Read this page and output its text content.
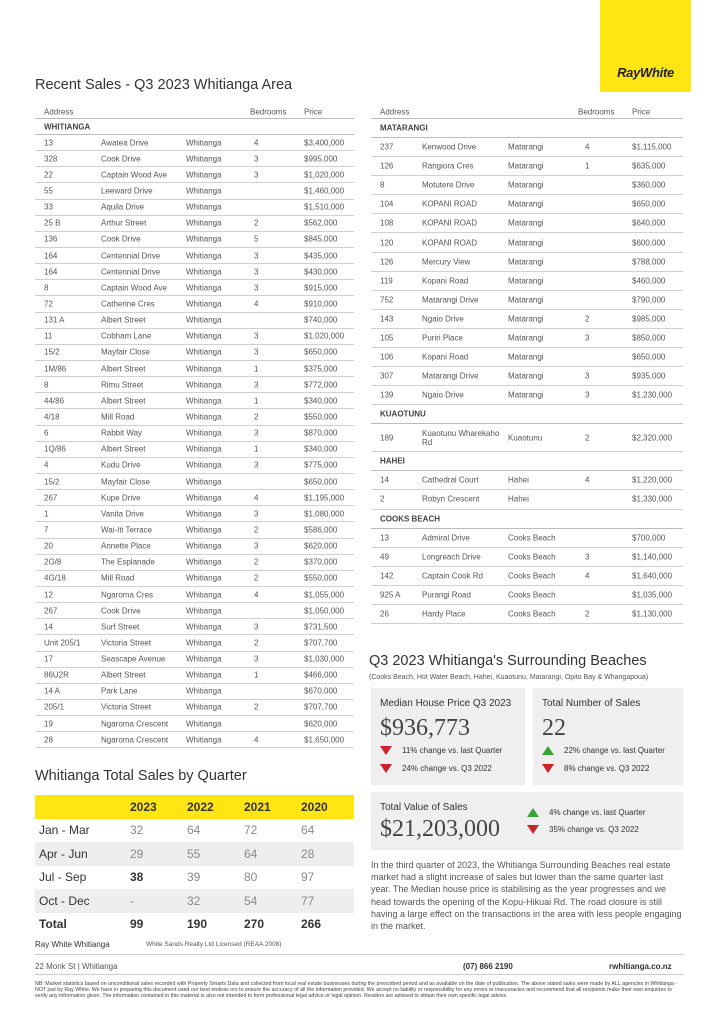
RayWhite
Recent Sales - Q3 2023 Whitianga Area
Address	Bedrooms Price
WHITIANGA
13	Awatea Drive	Whitianga	4	$3,400,000
328	Cook Drive	Whitianga	3	$995,000
22	Captain Wood Ave Whitianga	3	$1,020,000
55	Leeward Drive	Whitianga	$1,460,000
33	Aquila Drive	Whitianga	$1,510,000
25 B	Arthur Street	Whitianga	2	$562,000
136	Cook Drive	Whitianga	5	$845,000
164	Centennial Drive	Whitianga	3	$435,000
164	Centennial Drive	Whitianga	3	$430,000
8	Captain Wood Ave Whitianga	3	$915,000
72	Catherine Cres	Whitianga	4	$910,000
131 A	Albert Street	Whitianga	$740,000
11	Cobham Lane	Whitianga	3	$1,020,000
15/2	Mayfair Close	Whitianga	3	$650,000
1M/86	Albert Street	Whitianga	1	$375,000
8	Rimu Street	Whitianga	3	$772,000
44/86	Albert Street	Whitianga	1	$340,000
4/18	Mill Road	Whitianga	2	$550,000
6	Rabbit Way	Whitianga	3	$870,000
1Q/86	Albert Street	Whitianga	1	$340,000
4	Kudu Drive	Whitianga	3	$775,000
15/2	Mayfair Close	Whitianga	$650,000
267	Kupe Drive	Whitianga	4	$1,195,000
1	Vanita Drive	Whitianga	3	$1,080,000
7	Wai-Iti Terrace	Whitianga	2	$586,000
20	Annette Place	Whitianga	3	$620,000
2G/8	The Esplanade	Whitianga	2	$370,000
4G/18	Mill Road	Whitianga	2	$550,000
12	Ngaroma Cres	Whitianga	4	$1,055,000
267	Cook Drive	Whitianga	$1,050,000
14	Surf Street	Whitianga	3	$731,500
Unit 205/1	Victoria Street	Whitianga	2	$707,700
17	Seascape Avenue	Whitianga	3	$1,030,000
86U2R	Albert Street	Whitianga	1	$466,000
14 A	Park Lane	Whitianga	$670,000
205/1	Victoria Street	Whitianga	2	$707,700
19	Ngaroma Crescent Whitianga	$620,000
28	Ngaroma Crescent Whitianga	4	$1,650,000
Address	Bedrooms Price
MATARANGI
237	Kenwood Drive	Matarangi	4	$1,115,000
126	Rangiora Cres	Matarangi	1	$635,000
8	Motutere Drive	Matarangi	$360,000
104	KOPANI ROAD	Matarangi	$650,000
108	KOPANI ROAD	Matarangi	$640,000
120	KOPANI ROAD	Matarangi	$600,000
126	Mercury View	Matarangi	$788,000
119	Kopani Road	Matarangi	$460,000
752	Matarangi Drive	Matarangi	$790,000
143	Ngaio Drive	Matarangi	2	$985,000
105	Puriri Place	Matarangi	3	$850,000
106	Kopani Road	Matarangi	$650,000
307	Matarangi Drive	Matarangi	3	$935,000
139	Ngaio Drive	Matarangi	3	$1,230,000
KUAOTUNU
189	Kuaotunu Wharekaho Rd	Kuaotunu	2	$2,320,000
HAHEI
14	Cathedral Court	Hahei	4	$1,220,000
2	Robyn Crescent	Hahei	$1,330,000
COOKS BEACH
13	Admiral Drive	Cooks Beach	$700,000
49	Longreach Drive	Cooks Beach	3	$1,140,000
142	Captain Cook Rd	Cooks Beach	4	$1,640,000
925 A	Purangi Road	Cooks Beach	$1,035,000
26	Hardy Place	Cooks Beach	2	$1,130,000
Whitianga Total Sales by Quarter
2023	2022	2021	2020
Jan - Mar	32	64	72	64
Apr - Jun	29	55	64	28
Jul - Sep	38	39	80	97
Oct - Dec	-	32	54	77
Total	99	190	270	266
Q3 2023 Whitianga's Surrounding Beaches
(Cooks Beach, Hot Water Beach, Hahei, Kuaotunu, Matarangi, Opito Bay & Whangapoua)
Median House Price Q3 2023
$936,773
11% change vs. last Quarter
24% change vs. Q3 2022
Total Number of Sales
22
22% change vs. last Quarter
8% change vs. Q3 2022
Total Value of Sales
$21,203,000
4% change vs. last Quarter
35% change vs. Q3 2022
In the third quarter of 2023, the Whitianga Surrounding Beaches real estate market had a slight increase of sales but lower than the same quarter last year. The Median house price is stabilising as the year progresses and we head towards the opening of the Kopu-Hikuai Rd. The road closure is still having a large effect on the transactions in the area with less people engaging in the market.
Ray White Whitianga	White Sands Realty Ltd Licensed (REAA 2008)
22 Monk St | Whitianga	(07) 866 2190	rwhitianga.co.nz
NB: Market statistics based on unconditional sales recorded with Property Smarts Data and collected from local real estate businesses during the prescribed period and as available on the date of publication. The above stated sales were made by ALL agencies in Whitianga - NOT just by Ray White. We have in preparing this document used our best endeav ors to ensure the accuracy of all the information provided. We accept no liability or responsibility for any errors or inaccuracies and recommend that all recipients make their own enquiries to verify any information given. The information contained in this material is also not intended to form professional legal advice or legal opinion. Readers are advised to obtain their own specific legal advice.
